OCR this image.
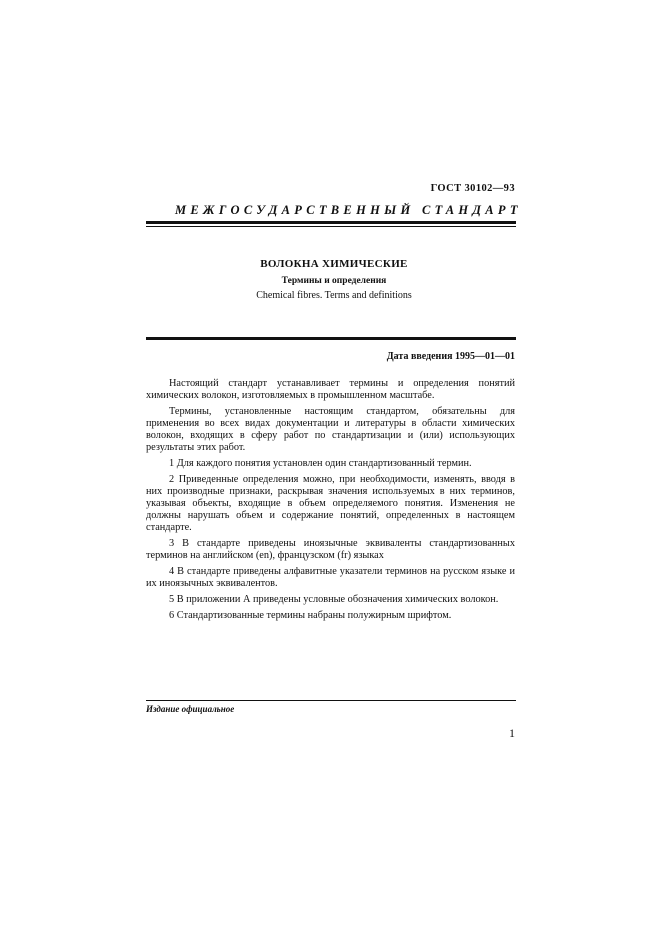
ГОСТ 30102—93
МЕЖГОСУДАРСТВЕННЫЙ СТАНДАРТ
ВОЛОКНА ХИМИЧЕСКИЕ
Термины и определения
Chemical fibres. Terms and definitions
Дата введения 1995—01—01

Настоящий стандарт устанавливает термины и определения понятий химических волокон, изготовляемых в промышленном масштабе.

Термины, установленные настоящим стандартом, обязательны для применения во всех видах документации и литературы в области химических волокон, входящих в сферу работ по стандартизации и (или) использующих результаты этих работ.

1 Для каждого понятия установлен один стандартизованный термин.

2 Приведенные определения можно, при необходимости, изменять, вводя в них производные признаки, раскрывая значения используемых в них терминов, указывая объекты, входящие в объем определяемого понятия. Изменения не должны нарушать объем и содержание понятий, определенных в настоящем стандарте.

3 В стандарте приведены иноязычные эквиваленты стандартизованных терминов на английском (en), французском (fr) языках

4 В стандарте приведены алфавитные указатели терминов на русском языке и их иноязычных эквивалентов.

5 В приложении А приведены условные обозначения химических волокон.

6 Стандартизованные термины набраны полужирным шрифтом.

Издание официальное
1
